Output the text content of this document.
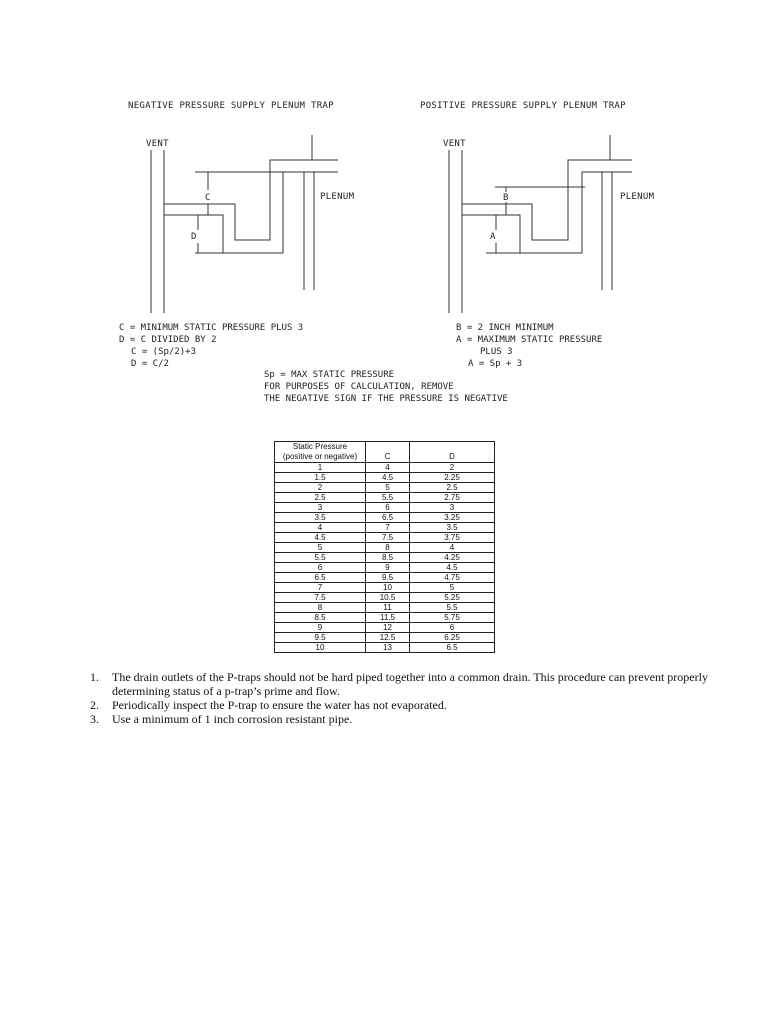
NEGATIVE PRESSURE SUPPLY PLENUM TRAP
VENT
PLENUM
C
D
POSITIVE PRESSURE SUPPLY PLENUM TRAP
VENT
PLENUM
B
A
C = MINIMUM STATIC PRESSURE PLUS 3
D = C DIVIDED BY 2
C = (Sp/2)+3
D = C/2
B = 2 INCH MINIMUM
A = MAXIMUM STATIC PRESSURE
PLUS 3
A = Sp + 3
Sp = MAX STATIC PRESSURE
FOR PURPOSES OF CALCULATION, REMOVE
THE NEGATIVE SIGN IF THE PRESSURE IS NEGATIVE
Static Pressure
(positive or negative)	C	D
1	4	2
1.5	4.5	2.25
2	5	2.5
2.5	5.5	2.75
3	6	3
3.5	6.5	3.25
4	7	3.5
4.5	7.5	3.75
5	8	4
5.5	8.5	4.25
6	9	4.5
6.5	9.5	4.75
7	10	5
7.5	10.5	5.25
8	11	5.5
8.5	11.5	5.75
9	12	6
9.5	12.5	6.25
10	13	6.5
1. The drain outlets of the P-traps should not be hard piped together into a common drain. This procedure can prevent properly determining status of a p-trap’s prime and flow.
2. Periodically inspect the P-trap to ensure the water has not evaporated.
3. Use a minimum of 1 inch corrosion resistant pipe.
